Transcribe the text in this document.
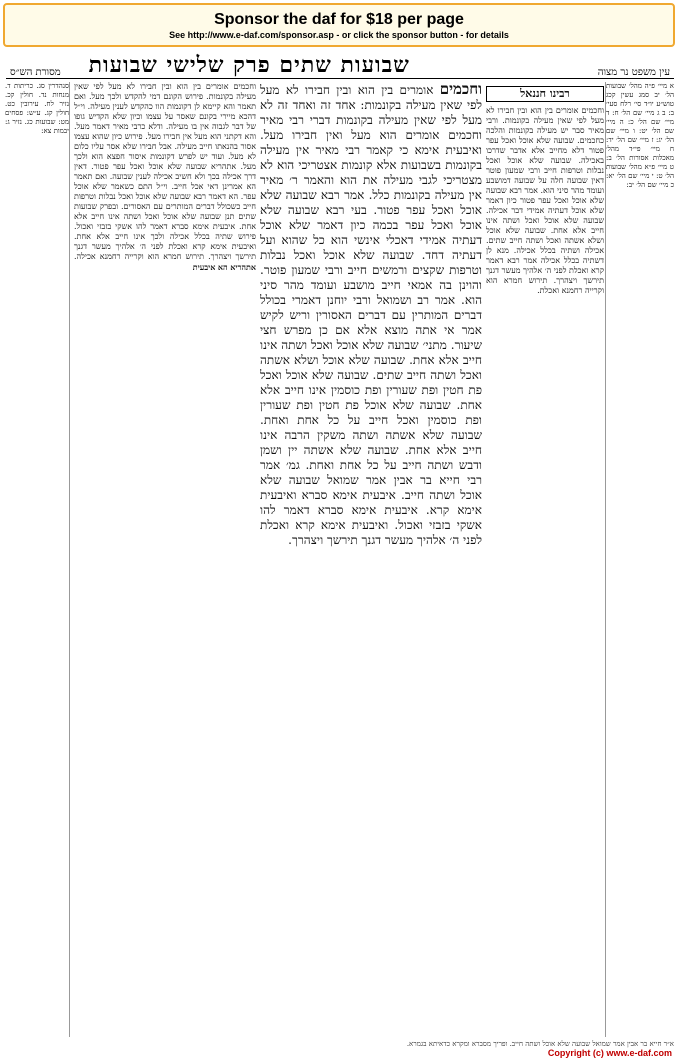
Sponsor the daf for $18 per page
See http://www.e-daf.com/sponsor.asp - or click the sponsor button - for details
עין משפט נר מצוה
שבועות שתים פרק שלישי שבועות
מסורת הש״ס
א מיי׳ פ״ה מהל׳ שבועות הל׳ יב סמג עשין קכג טוש״ע יו״ד סי׳ רלח סעי׳ ב: ב ג מיי׳ שם הל׳ ח: ד מיי׳ שם הל׳ כ: ה מיי׳ שם הל׳ יט: ו מיי׳ שם הל׳ יג: ז מיי׳ שם הל׳ יד: ח מיי׳ פי״ד מהל׳ מאכלות אסורות הל׳ ב: ט מיי׳ פ״א מהל׳ שבועות הל׳ ט: י מיי׳ שם הל׳ יא: כ מיי׳ שם הל׳ יב:
רבינו חננאל
וחכמים אומרים בין הוא ובין חבירו לא מעל לפי שאין מעילה בקונמות. ורבי מאיר סבר יש מעילה בקונמות והלכה כחכמים. שבועה שלא אוכל ואכל עפר פטור דלא מחייב אלא אדבר שדרכו באכילה. שבועה שלא אוכל ואכל נבלות וטרפות חייב ורבי שמעון פוטר דאין שבועה חלה על שבועה דמושבע ועומד מהר סיני הוא. אמר רבא שבועה שלא אוכל ואכל עפר פטור כיון דאמר שלא אוכל דעתיה אמידי דבר אכילה. שבועה שלא אוכל ואכל ושתה אינו חייב אלא אחת. שבועה שלא אוכל ושלא אשתה ואכל ושתה חייב שתים. אכילה ושתיה בכלל אכילה. מנא לן דשתיה בכלל אכילה אמר רבא דאמר קרא ואכלת לפני ה׳ אלהיך מעשר דגנך תירשך ויצהרך. תירוש חמרא הוא וקרייה רחמנא ואכלת.
וחכמים אומרים בין הוא ובין חבירו לא מעל לפי שאין מעילה בקונמות: אחד זה ואחד זה לא מעל לפי שאין מעילה בקונמות דברי רבי מאיר וחכמים אומרים הוא מעל ואין חבירו מעל. ואיבעית אימא כי קאמר רבי מאיר אין מעילה בקונמות בשבועות אלא קונמות אצטריכי הוא לא מצטריכי לגבי מעילה את הוא והאמר ר׳ מאיר אין מעילה בקונמות כלל. אמר רבא שבועה שלא אוכל ואכל עפר פטור. בעי רבא שבועה שלא אוכל ואכל עפר בכמה כיון דאמר שלא אוכל דעתיה אמידי דאכלי אינשי הוא כל שהוא ועל דעתיה דחד. שבועה שלא אוכל ואכל נבלות וטרפות שקצים ורמשים חייב ורבי שמעון פוטר. והוינן בה אמאי חייב מושבע ועומד מהר סיני הוא. אמר רב ושמואל ורבי יוחנן דאמרי בכולל דברים המותרין עם דברים האסורין וריש לקיש אמר אי אתה מוצא אלא אם כן מפרש חצי שיעור. מתני׳ שבועה שלא אוכל ואכל ושתה אינו חייב אלא אחת. שבועה שלא אוכל ושלא אשתה ואכל ושתה חייב שתים. שבועה שלא אוכל ואכל פת חטין ופת שעורין ופת כוסמין אינו חייב אלא אחת. שבועה שלא אוכל פת חטין ופת שעורין ופת כוסמין ואכל חייב על כל אחת ואחת. שבועה שלא אשתה ושתה משקין הרבה אינו חייב אלא אחת. שבועה שלא אשתה יין ושמן ודבש ושתה חייב על כל אחת ואחת. גמ׳ אמר רבי חייא בר אבין אמר שמואל שבועה שלא אוכל ושתה חייב. איבעית אימא סברא ואיבעית אימא קרא. איבעית אימא סברא דאמר להו אשקי בזבזי ואכול. ואיבעית אימא קרא ואכלת לפני ה׳ אלהיך מעשר דגנך תירשך ויצהרך.
וחכמים אומרים בין הוא ובין חבירו לא מעל לפי שאין מעילה בקונמות. פירוש הקונם דמי להקדש ולכך מעל. ואם תאמר והא קיימא לן דקונמות הוו כהקדש לענין מעילה. וי״ל דהכא מיירי בקונם שאסר על עצמו וכיון שלא הקדיש גופו של דבר לגבוה אין בו מעילה. ודלא כרבי מאיר דאמר מעל. והא דקתני הוא מעל אין חבירו מעל. פירוש כיון שהוא עצמו אסור בהנאתו חייב מעילה. אבל חבירו שלא אסר עליו כלום לא מעל. ועוד יש לפרש דקונמות איסור חפצא הוא ולכך מעל. אתהריא שבועה שלא אוכל ואכל עפר פטור. דאין דרך אכילה בכך ולא חשיב אכילה לענין שבועה. ואם תאמר הא אמרינן דאי אכל חייב. וי״ל התם כשאמר שלא אוכל עפר. הא דאמר רבא שבועה שלא אוכל ואכל נבלות וטרפות חייב כשכולל דברים המותרים עם האסורים. ובפרק שבועות שתים תנן שבועה שלא אוכל ואכל ושתה אינו חייב אלא אחת. איבעית אימא סברא דאמר להו אשקי בזבזי ואכול. פירוש שתיה בכלל אכילה ולכך אינו חייב אלא אחת. ואיבעית אימא קרא ואכלת לפני ה׳ אלהיך מעשר דגנך תירשך ויצהרך. תירוש חמרא הוא וקרייה רחמנא אכילה. אתהריא הא איבעית
סנהדרין סג. כריתות ד. מנחות נד. חולין קכ. נזיר לח. עירובין כט. חולין קג. ע״ש: פסחים מט: שבועות כג. נזיר ג: יבמות צא:
א״ר חייא בר אבין אמר שמואל שבועה שלא אוכל ושתה חייב. ופריך מסברא ומקרא כדאיתא בגמרא.
Copyright (c) www.e-daf.com
